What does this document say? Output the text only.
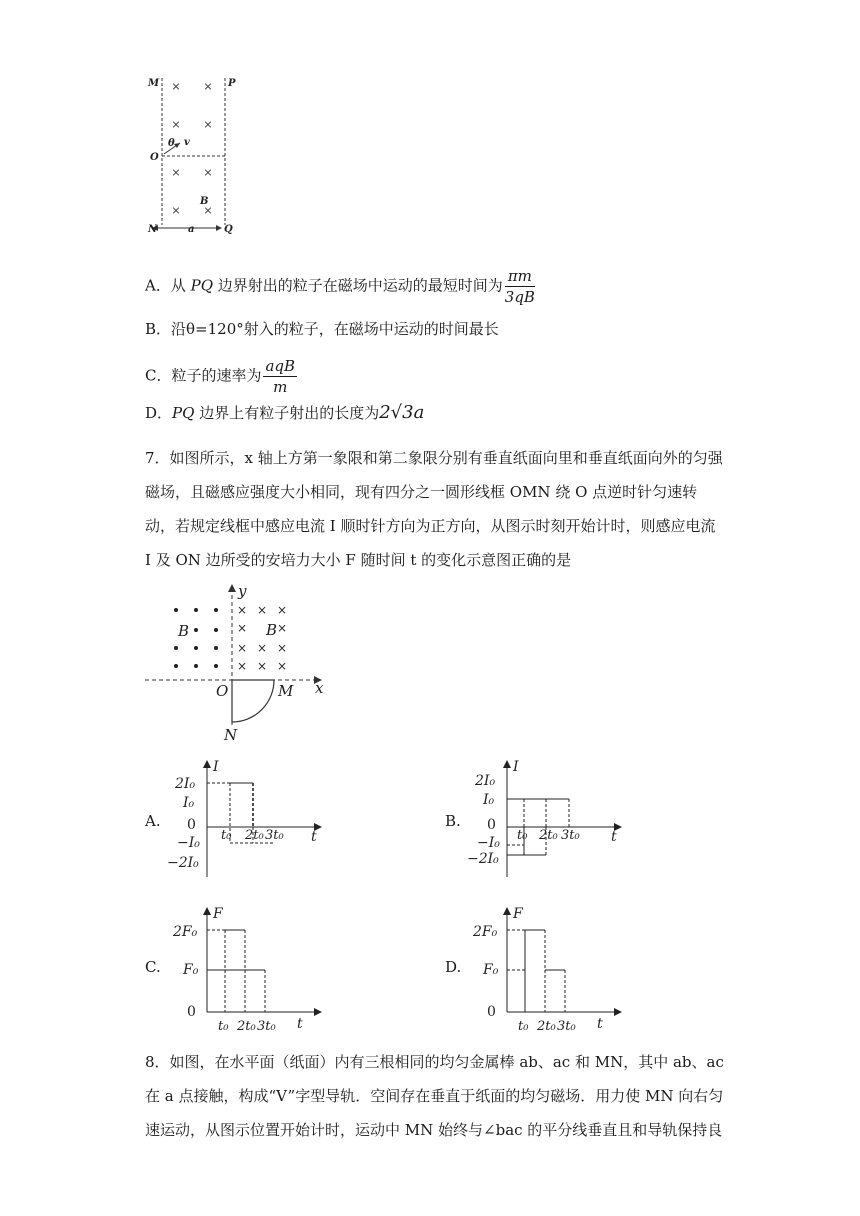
× ×
× ×
× ×
× ×
M	P
O
θ v
B
N	a	Q
A．从 PQ 边界射出的粒子在磁场中运动的最短时间为 $\frac{\pi m}{3qB}$
B．沿θ=120°射入的粒子，在磁场中运动的时间最长
C．粒子的速率为 $\frac{\text{aqB}}{m}$
D．PQ 边界上有粒子射出的长度为2√3a
7．如图所示，x 轴上方第一象限和第二象限分别有垂直纸面向里和垂直纸面向外的匀强磁场，且磁感应强度大小相同，现有四分之一圆形线框 OMN 绕 O 点逆时针匀速转动，若规定线框中感应电流 I 顺时针方向为正方向，从图示时刻开始计时，则感应电流 I 及 ON 边所受的安培力大小 F 随时间 t 的变化示意图正确的是
× × ×
× ×
× × ×
× × ×
y
x
O	M
N
B	B
A.	B.
C.	D.
I
t
2I₀
I₀
0
−I₀
−2I₀
t₀ 2t₀ 3t₀
I
t
2I₀
I₀
0
−I₀
−2I₀
t₀ 2t₀ 3t₀
F
t
2F₀
F₀
0
t₀ 2t₀ 3t₀
F
t
2F₀
F₀
0
t₀ 2t₀ 3t₀
8．如图，在水平面（纸面）内有三根相同的均匀金属棒 ab、ac 和 MN，其中 ab、ac 在 a 点接触，构成“V”字型导轨．空间存在垂直于纸面的均匀磁场．用力使 MN 向右匀速运动，从图示位置开始计时，运动中 MN 始终与∠bac 的平分线垂直且和导轨保持良
